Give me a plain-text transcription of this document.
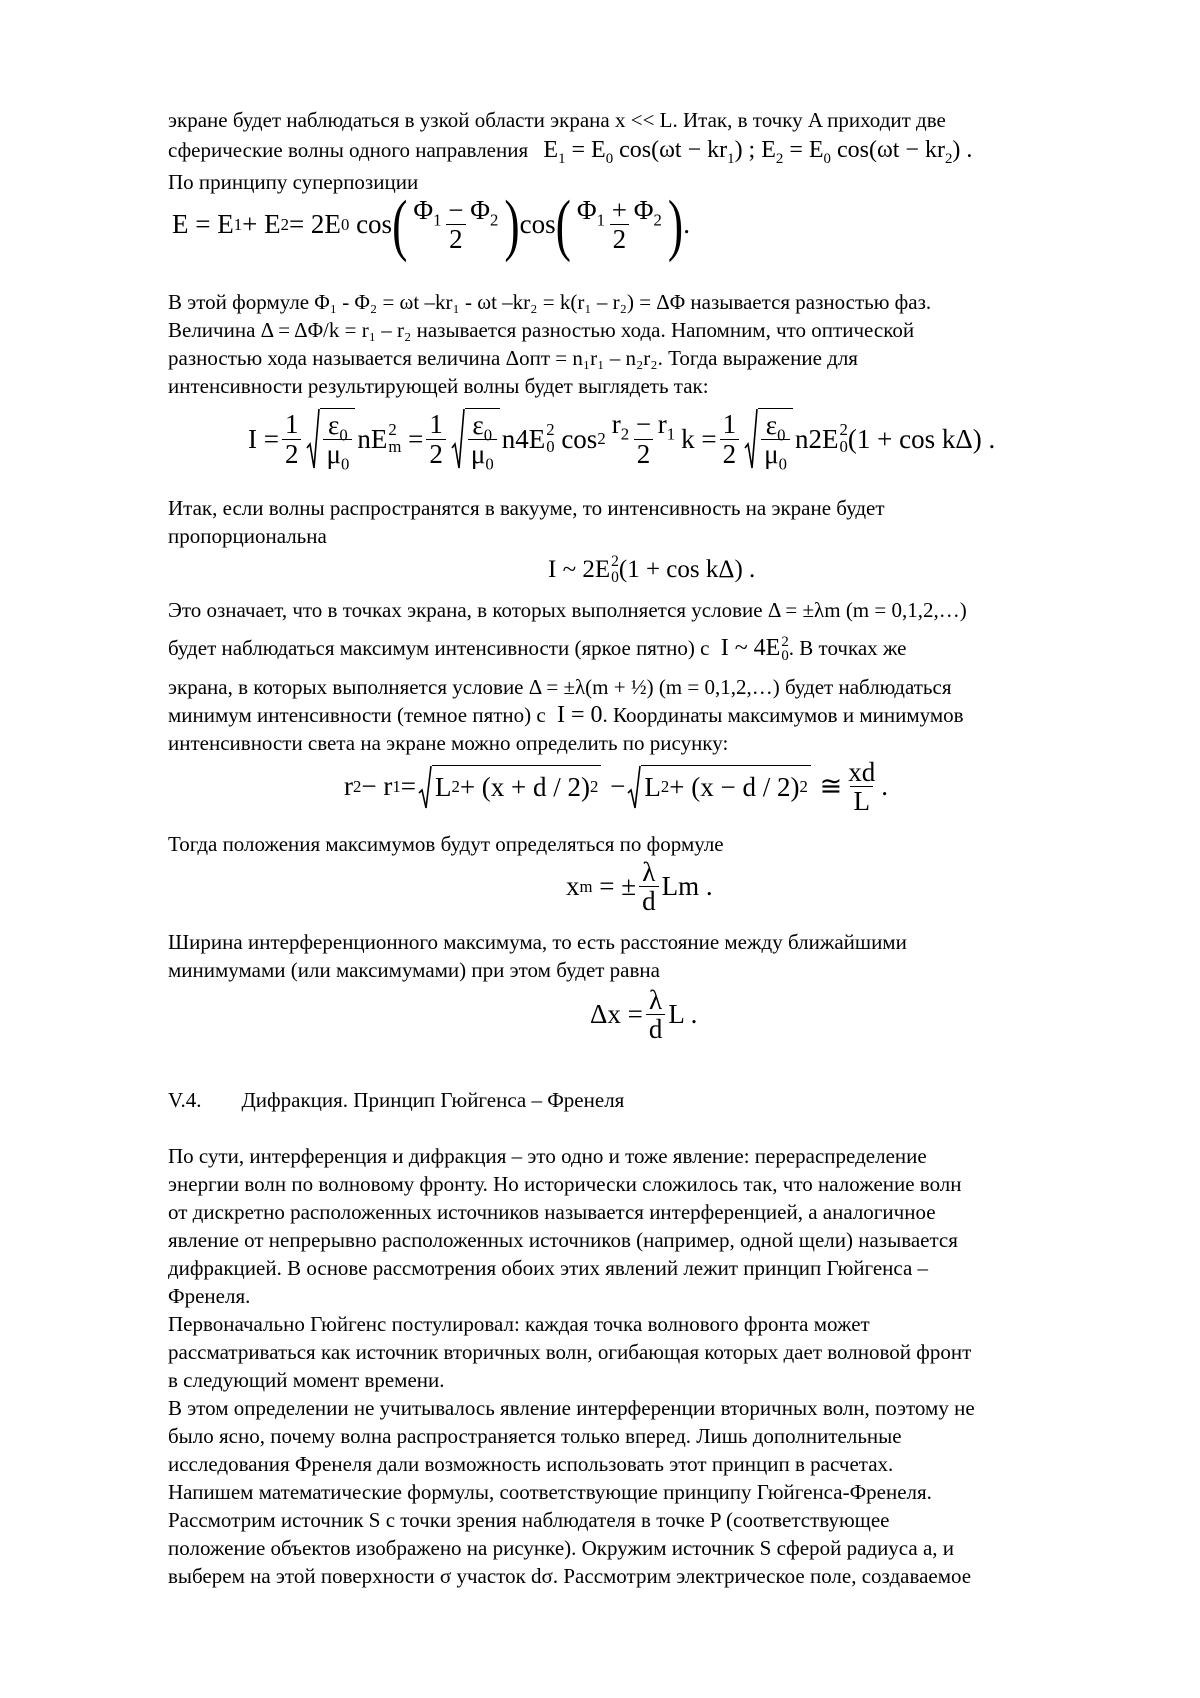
экране будет наблюдаться в узкой области экрана x << L. Итак, в точку A приходит две

сферические волны одного направления $E_1 = E_0$ $\cos(\omega t - kr_1)$ ; $E_2 = E_0$ $\cos(\omega t - kr_2)$ .

По принципу суперпозиции

E = E 1 + E 2 = 2E 0 cos ( $\frac{\Phi_1 - \Phi_2}{2}$ ) cos ( $\frac{\Phi_1 + \Phi_2}{2}$ ) .

В этой формуле Φ₁ - Φ₂ = ωt –kr₁ - ωt –kr₂ = k(r₁ – r₂) = ΔΦ называется разностью фаз.

Величина Δ = ΔΦ/k = r₁ – r₂ называется разностью хода. Напомним, что оптической

разностью хода называется величина Δопт = n₁r₁ – n₂r₂. Тогда выражение для

интенсивности результирующей волны будет выглядеть так:

$I = \frac{1}{2} \frac{\varepsilon_0}{\mu_0}$ nE 2
$m = \frac{1}{2} \frac{\varepsilon_0}{\mu_0} n4E$ 2
0 $\cos 2 \frac{r_2 - r_1}{2}$ $k = \frac{1}{2} \frac{\varepsilon_0}{\mu_0} n2E$ 2
0 (1 + cos kΔ) .

Итак, если волны распространятся в вакууме, то интенсивность на экране будет

пропорциональна

I ~ 2E 2
0 (1 + cos kΔ) .

Это означает, что в точках экрана, в которых выполняется условие Δ = ±λm (m = 0,1,2,…)

будет наблюдаться максимум интенсивности (яркое пятно) с  I ~ 4E 2
0 . В точках же

экрана, в которых выполняется условие Δ = ±λ(m + ½) (m = 0,1,2,…) будет наблюдаться

минимум интенсивности (темное пятно) с  I = 0. Координаты максимумов и минимумов

интенсивности света на экране можно определить по рисунку:

r 2 − r 1 = L 2 + (x + d / 2) 2 − L 2 + (x − d / 2) 2 ≅ $\frac{xd}{L}$ .

Тогда положения максимумов будут определяться по формуле

x m = ± $\frac{\lambda}{d}$ Lm .

Ширина интерференционного максимума, то есть расстояние между ближайшими

минимумами (или максимумами) при этом будет равна

$\Delta x = \frac{\lambda}{d}$ L .
V.4. Дифракция. Принцип Гюйгенса – Френеля

По сути, интерференция и дифракция – это одно и тоже явление: перераспределение

энергии волн по волновому фронту. Но исторически сложилось так, что наложение волн

от дискретно расположенных источников называется интерференцией, а аналогичное

явление от непрерывно расположенных источников (например, одной щели) называется

дифракцией. В основе рассмотрения обоих этих явлений лежит принцип Гюйгенса –

Френеля.

Первоначально Гюйгенс постулировал: каждая точка волнового фронта может

рассматриваться как источник вторичных волн, огибающая которых дает волновой фронт

в следующий момент времени.

В этом определении не учитывалось явление интерференции вторичных волн, поэтому не

было ясно, почему волна распространяется только вперед. Лишь дополнительные

исследования Френеля дали возможность использовать этот принцип в расчетах.

Напишем математические формулы, соответствующие принципу Гюйгенса-Френеля.

Рассмотрим источник S с точки зрения наблюдателя в точке P (соответствующее

положение объектов изображено на рисунке). Окружим источник S сферой радиуса a, и

выберем на этой поверхности σ участок dσ. Рассмотрим электрическое поле, создаваемое
